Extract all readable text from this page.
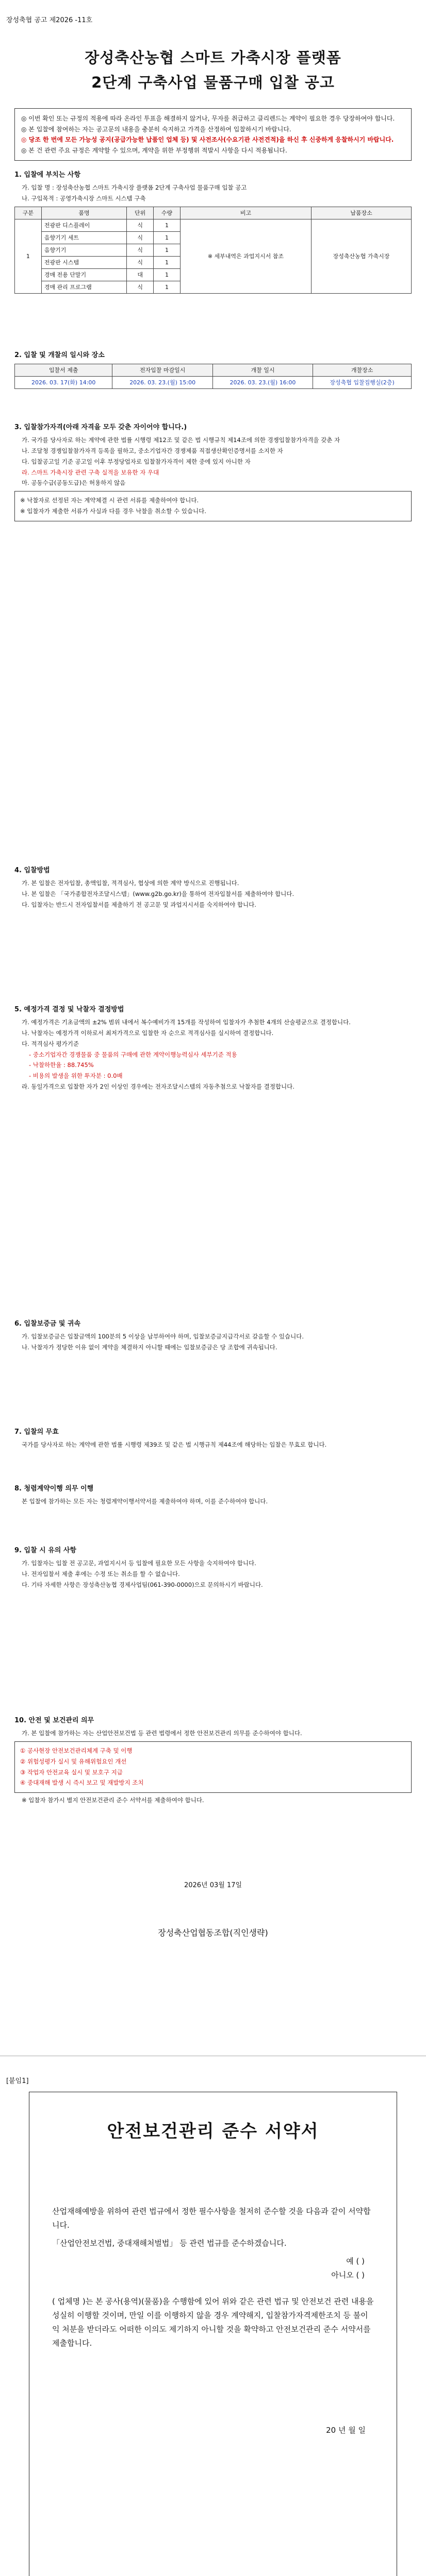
장성축협 공고 제2026 -11호
장성축산농협 스마트 가축시장 플랫폼
2단계 구축사업 물품구매 입찰 공고

◎ 이번 확인 또는 규정의 적용에 따라 온라인 투표을 해결하지 않거나, 무자를 취급하고 클리렌드는 계약이 필요한 경우 당장하여야 합니다.

◎ 본 입찰에 참여하는 자는 공고문의 내용을 충분히 숙지하고 가격을 산정하여 입찰하시기 바랍니다.

◎ 당조 한 번에 모든 가능성 공지(공급가능한 납품인 업체 등) 및 사전조사(수요기관 사전견적)을 하신 후 신중하게 응찰하시기 바랍니다.

◎ 본 건 관련 주요 규정은 계약할 수 있으며, 계약을 위한 부정행위 적발시 사항을 다시 적용됩니다.

1. 입찰에 부치는 사항

가. 입찰 명 : 장성축산농협 스마트 가축시장 플랫폼 2단계 구축사업 물품구매 입찰 공고

나. 구입목적 : 공영가축시장 스마트 시스템 구축

구분	품명	단위	수량	비고	납품장소
1	전광판 디스플레이	식	1	※ 세부내역은 과업지시서 참조	장성축산농협 가축시장
	음향기기 세트	식	1		
	음향기기	식	1		
	전광판 시스템	식	1		
	경매 전용 단말기	대	1		
	경매 관리 프로그램	식	1		
2. 입찰 및 개찰의 일시와 장소
입찰서 제출	전자입찰 마감일시	개찰 일시	개찰장소
2026. 03. 17(화) 14:00	2026. 03. 23.(월) 15:00	2026. 03. 23.(월) 16:00	장성축협 입찰집행실(2층)
3. 입찰참가자격(아래 자격을 모두 갖춘 자이어야 합니다.)

가. 국가를 당사자로 하는 계약에 관한 법률 시행령 제12조 및 같은 법 시행규칙 제14조에 의한 경쟁입찰참가자격을 갖춘 자

나. 조달청 경쟁입찰참가자격 등록을 필하고, 중소기업자간 경쟁제품 직접생산확인증명서를 소지한 자

다. 입찰공고일 기준 공고일 이후 부정당업자로 입찰참가자격이 제한 중에 있지 아니한 자

라. 스마트 가축시장 관련 구축 실적을 보유한 자 우대

마. 공동수급(공동도급)은 허용하지 않음

※ 낙찰자로 선정된 자는 계약체결 시 관련 서류를 제출하여야 합니다.

※ 입찰자가 제출한 서류가 사실과 다를 경우 낙찰을 취소할 수 있습니다.

4. 입찰방법

가. 본 입찰은 전자입찰, 총액입찰, 적격심사, 협상에 의한 계약 방식으로 진행됩니다.

나. 본 입찰은 「국가종합전자조달시스템」(www.g2b.go.kr)을 통하여 전자입찰서를 제출하여야 합니다.

다. 입찰자는 반드시 전자입찰서를 제출하기 전 공고문 및 과업지시서를 숙지하여야 합니다.

5. 예정가격 결정 및 낙찰자 결정방법

가. 예정가격은 기초금액의 ±2% 범위 내에서 복수예비가격 15개를 작성하여 입찰자가 추첨한 4개의 산술평균으로 결정합니다.

나. 낙찰자는 예정가격 이하로서 최저가격으로 입찰한 자 순으로 적격심사를 실시하여 결정합니다.

다. 적격심사 평가기준

- 중소기업자간 경쟁물품 중 물품의 구매에 관한 계약이행능력심사 세부기준 적용

- 낙찰하한율 : 88.745%

- 비용의 발생을 위한 투자분 : 0.0배

라. 동일가격으로 입찰한 자가 2인 이상인 경우에는 전자조달시스템의 자동추첨으로 낙찰자를 결정합니다.

6. 입찰보증금 및 귀속

가. 입찰보증금은 입찰금액의 100분의 5 이상을 납부하여야 하며, 입찰보증금지급각서로 갈음할 수 있습니다.

나. 낙찰자가 정당한 이유 없이 계약을 체결하지 아니할 때에는 입찰보증금은 당 조합에 귀속됩니다.

7. 입찰의 무효

국가를 당사자로 하는 계약에 관한 법률 시행령 제39조 및 같은 법 시행규칙 제44조에 해당하는 입찰은 무효로 합니다.

8. 청렴계약이행 의무 이행

본 입찰에 참가하는 모든 자는 청렴계약이행서약서를 제출하여야 하며, 이를 준수하여야 합니다.

9. 입찰 시 유의 사항

가. 입찰자는 입찰 전 공고문, 과업지시서 등 입찰에 필요한 모든 사항을 숙지하여야 합니다.

나. 전자입찰서 제출 후에는 수정 또는 취소를 할 수 없습니다.

다. 기타 자세한 사항은 장성축산농협 경제사업팀(061-390-0000)으로 문의하시기 바랍니다.

10. 안전 및 보건관리 의무

가. 본 입찰에 참가하는 자는 산업안전보건법 등 관련 법령에서 정한 안전보건관리 의무를 준수하여야 합니다.

① 공사현장 안전보건관리체계 구축 및 이행

② 위험성평가 실시 및 유해위험요인 개선

③ 작업자 안전교육 실시 및 보호구 지급

④ 중대재해 발생 시 즉시 보고 및 재발방지 조치

※ 입찰자 참가시 별지 안전보건관리 준수 서약서를 제출하여야 합니다.

2026년 03월 17일
장성축산업협동조합(직인생략)
[붙임1]
안전보건관리 준수 서약서

산업재해예방을 위하여 관련 법규에서 정한 필수사항을 철저히 준수할 것을 다음과 같이 서약합니다.

「산업안전보건법, 중대재해처벌법」 등 관련 법규를 준수하겠습니다.

예 ( )
아니오 ( )

( 업체명 )는 본 공사(용역)(물품)을 수행함에 있어 위와 같은 관련 법규 및 안전보건 관련 내용을 성실히 이행할 것이며, 만일 이를 이행하지 않을 경우 계약해지, 입찰참가자격제한조치 등 불이익 처분을 받더라도 어떠한 이의도 제기하지 아니할 것을 확약하고 안전보건관리 준수 서약서를 제출합니다.

20 년 월 일
